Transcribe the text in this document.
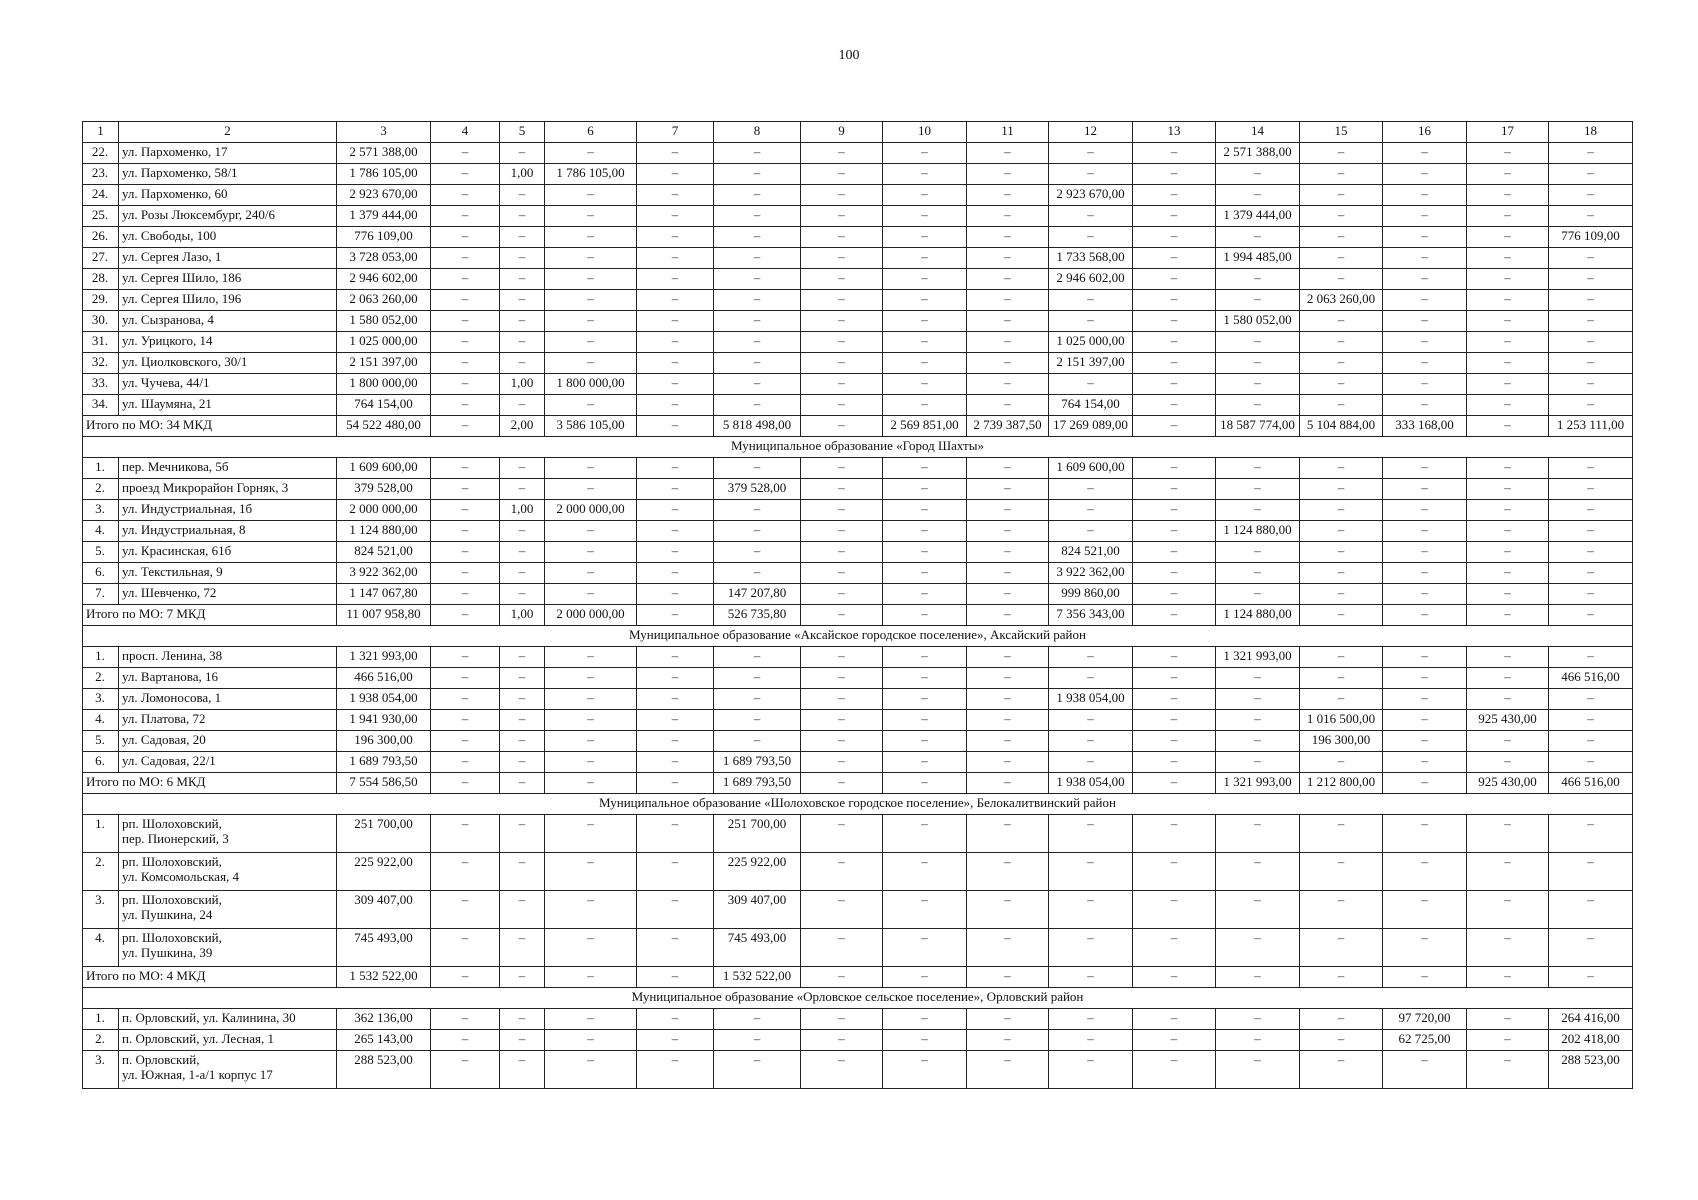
100
1	2	3	4	5	6	7	8	9	10	11	12	13	14	15	16	17	18
22.	ул. Пархоменко, 17	2 571 388,00	–	–	–	–	–	–	–	–	–	–	2 571 388,00	–	–	–	–
23.	ул. Пархоменко, 58/1	1 786 105,00	–	1,00	1 786 105,00	–	–	–	–	–	–	–	–	–	–	–	–
24.	ул. Пархоменко, 60	2 923 670,00	–	–	–	–	–	–	–	–	2 923 670,00	–	–	–	–	–	–
25.	ул. Розы Люксембург, 240/6	1 379 444,00	–	–	–	–	–	–	–	–	–	–	1 379 444,00	–	–	–	–
26.	ул. Свободы, 100	776 109,00	–	–	–	–	–	–	–	–	–	–	–	–	–	–	776 109,00
27.	ул. Сергея Лазо, 1	3 728 053,00	–	–	–	–	–	–	–	–	1 733 568,00	–	1 994 485,00	–	–	–	–
28.	ул. Сергея Шило, 186	2 946 602,00	–	–	–	–	–	–	–	–	2 946 602,00	–	–	–	–	–	–
29.	ул. Сергея Шило, 196	2 063 260,00	–	–	–	–	–	–	–	–	–	–	–	2 063 260,00	–	–	–
30.	ул. Сызранова, 4	1 580 052,00	–	–	–	–	–	–	–	–	–	–	1 580 052,00	–	–	–	–
31.	ул. Урицкого, 14	1 025 000,00	–	–	–	–	–	–	–	–	1 025 000,00	–	–	–	–	–	–
32.	ул. Циолковского, 30/1	2 151 397,00	–	–	–	–	–	–	–	–	2 151 397,00	–	–	–	–	–	–
33.	ул. Чучева, 44/1	1 800 000,00	–	1,00	1 800 000,00	–	–	–	–	–	–	–	–	–	–	–	–
34.	ул. Шаумяна, 21	764 154,00	–	–	–	–	–	–	–	–	764 154,00	–	–	–	–	–	–
Итого по МО: 34 МКД		54 522 480,00	–	2,00	3 586 105,00	–	5 818 498,00	–	2 569 851,00	2 739 387,50	17 269 089,00	–	18 587 774,00	5 104 884,00	333 168,00	–	1 253 111,00
Муниципальное образование «Город Шахты»																	
1.	пер. Мечникова, 5б	1 609 600,00	–	–	–	–	–	–	–	–	1 609 600,00	–	–	–	–	–	–
2.	проезд Микрорайон Горняк, 3	379 528,00	–	–	–	–	379 528,00	–	–	–	–	–	–	–	–	–	–
3.	ул. Индустриальная, 1б	2 000 000,00	–	1,00	2 000 000,00	–	–	–	–	–	–	–	–	–	–	–	–
4.	ул. Индустриальная, 8	1 124 880,00	–	–	–	–	–	–	–	–	–	–	1 124 880,00	–	–	–	–
5.	ул. Красинская, 61б	824 521,00	–	–	–	–	–	–	–	–	824 521,00	–	–	–	–	–	–
6.	ул. Текстильная, 9	3 922 362,00	–	–	–	–	–	–	–	–	3 922 362,00	–	–	–	–	–	–
7.	ул. Шевченко, 72	1 147 067,80	–	–	–	–	147 207,80	–	–	–	999 860,00	–	–	–	–	–	–
Итого по МО: 7 МКД		11 007 958,80	–	1,00	2 000 000,00	–	526 735,80	–	–	–	7 356 343,00	–	1 124 880,00	–	–	–	–
Муниципальное образование «Аксайское городское поселение», Аксайский район																	
1.	просп. Ленина, 38	1 321 993,00	–	–	–	–	–	–	–	–	–	–	1 321 993,00	–	–	–	–
2.	ул. Вартанова, 16	466 516,00	–	–	–	–	–	–	–	–	–	–	–	–	–	–	466 516,00
3.	ул. Ломоносова, 1	1 938 054,00	–	–	–	–	–	–	–	–	1 938 054,00	–	–	–	–	–	–
4.	ул. Платова, 72	1 941 930,00	–	–	–	–	–	–	–	–	–	–	–	1 016 500,00	–	925 430,00	–
5.	ул. Садовая, 20	196 300,00	–	–	–	–	–	–	–	–	–	–	–	196 300,00	–	–	–
6.	ул. Садовая, 22/1	1 689 793,50	–	–	–	–	1 689 793,50	–	–	–	–	–	–	–	–	–	–
Итого по МО: 6 МКД		7 554 586,50	–	–	–	–	1 689 793,50	–	–	–	1 938 054,00	–	1 321 993,00	1 212 800,00	–	925 430,00	466 516,00
Муниципальное образование «Шолоховское городское поселение», Белокалитвинский район																	
1.	рп. Шолоховский,
пер. Пионерский, 3	251 700,00	–	–	–	–	251 700,00	–	–	–	–	–	–	–	–	–	–
2.	рп. Шолоховский,
ул. Комсомольская, 4	225 922,00	–	–	–	–	225 922,00	–	–	–	–	–	–	–	–	–	–
3.	рп. Шолоховский,
ул. Пушкина, 24	309 407,00	–	–	–	–	309 407,00	–	–	–	–	–	–	–	–	–	–
4.	рп. Шолоховский,
ул. Пушкина, 39	745 493,00	–	–	–	–	745 493,00	–	–	–	–	–	–	–	–	–	–
Итого по МО: 4 МКД		1 532 522,00	–	–	–	–	1 532 522,00	–	–	–	–	–	–	–	–	–	–
Муниципальное образование «Орловское сельское поселение», Орловский район																	
1.	п. Орловский, ул. Калинина, 30	362 136,00	–	–	–	–	–	–	–	–	–	–	–	–	97 720,00	–	264 416,00
2.	п. Орловский, ул. Лесная, 1	265 143,00	–	–	–	–	–	–	–	–	–	–	–	–	62 725,00	–	202 418,00
3.	п. Орловский,
ул. Южная, 1-а/1 корпус 17	288 523,00	–	–	–	–	–	–	–	–	–	–	–	–	–	–	288 523,00
